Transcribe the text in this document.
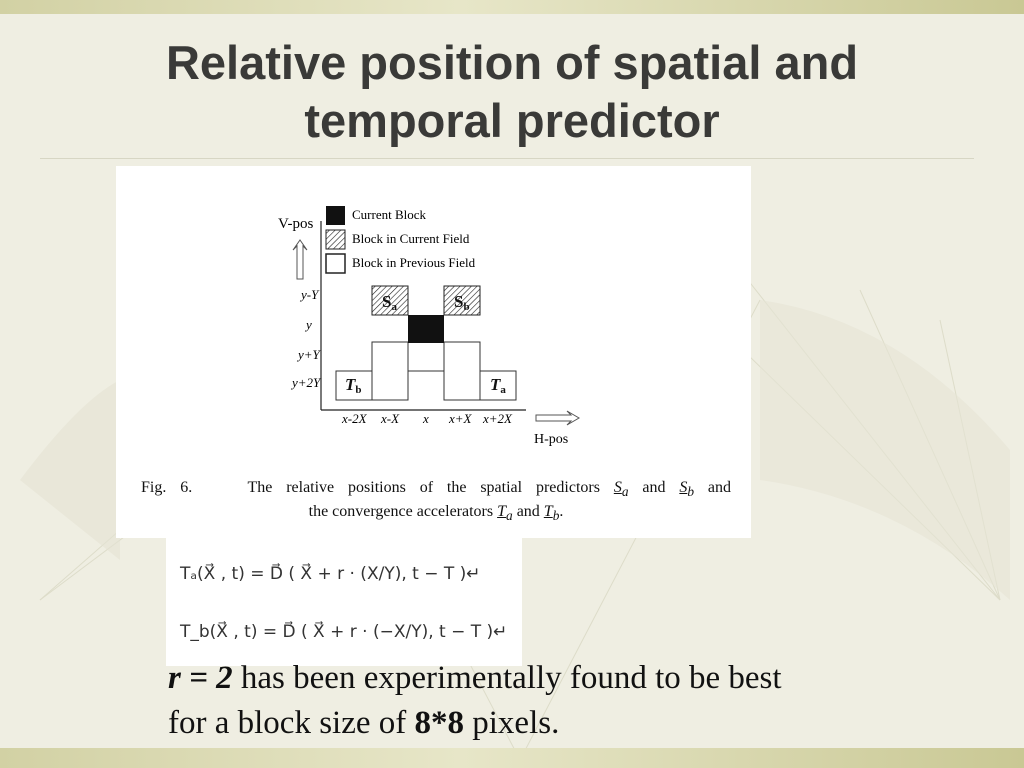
Relative position of spatial and
temporal predictor
V-pos
H-pos
Current Block
Block in Current Field
Block in Previous Field
y-Y
y
y+Y
y+2Y
x-2X x-X x x+X x+2X
Sa	Sb
Tb	Ta
Fig. 6.	The relative positions of the spatial predictors $S_a$ and $S_b$ and
the convergence accelerators $T_a$ and $T_b$.
Tₐ(X⃗ , t) = D⃗ ( X⃗ + r · (X/Y), t − T )↵
T_b(X⃗ , t) = D⃗ ( X⃗ + r · (−X/Y), t − T )↵
r = 2 has been experimentally found to be best
for a block size of 8*8 pixels.
